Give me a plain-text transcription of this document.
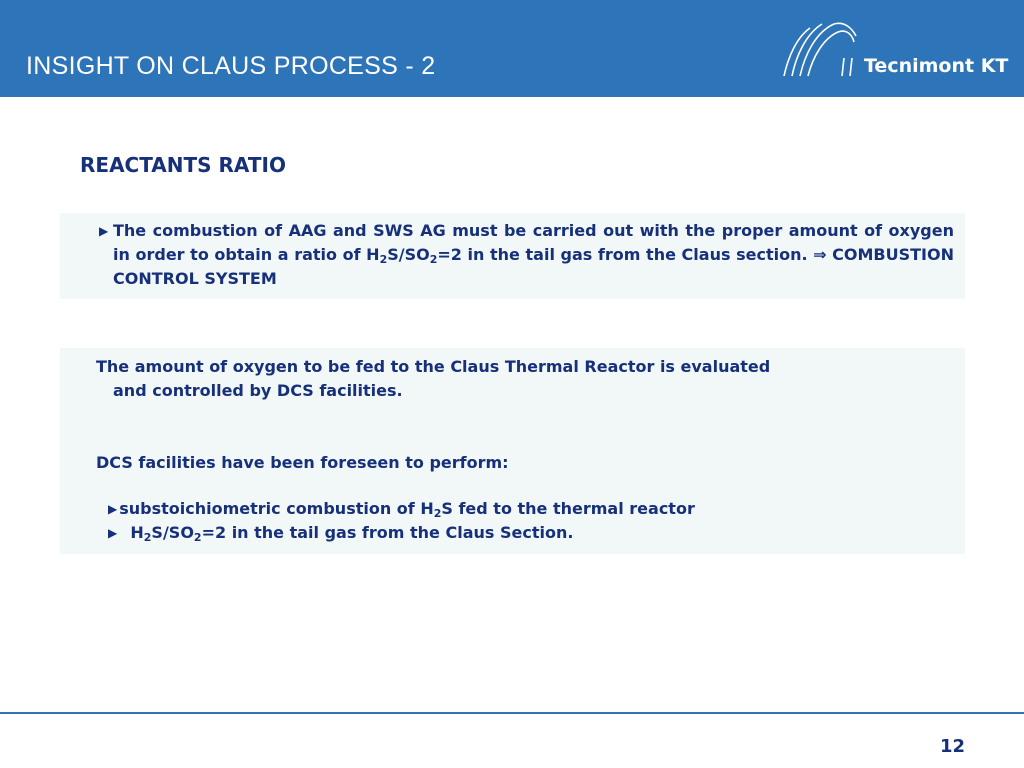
INSIGHT ON CLAUS PROCESS - 2	Tecnimont KT
REACTANTS RATIO
▶ The combustion of AAG and SWS AG must be carried out with the proper amount of oxygen in order to obtain a ratio of $H_2S/SO_2=2$ in the tail gas from the Claus section. ⇒ COMBUSTION CONTROL SYSTEM
The amount of oxygen to be fed to the Claus Thermal Reactor is evaluated
and controlled by DCS facilities.
DCS facilities have been foreseen to perform:
▶ substoichiometric combustion of $H_2S$ fed to the thermal reactor
▶ $H_2S/SO_2=2$ in the tail gas from the Claus Section.
12
